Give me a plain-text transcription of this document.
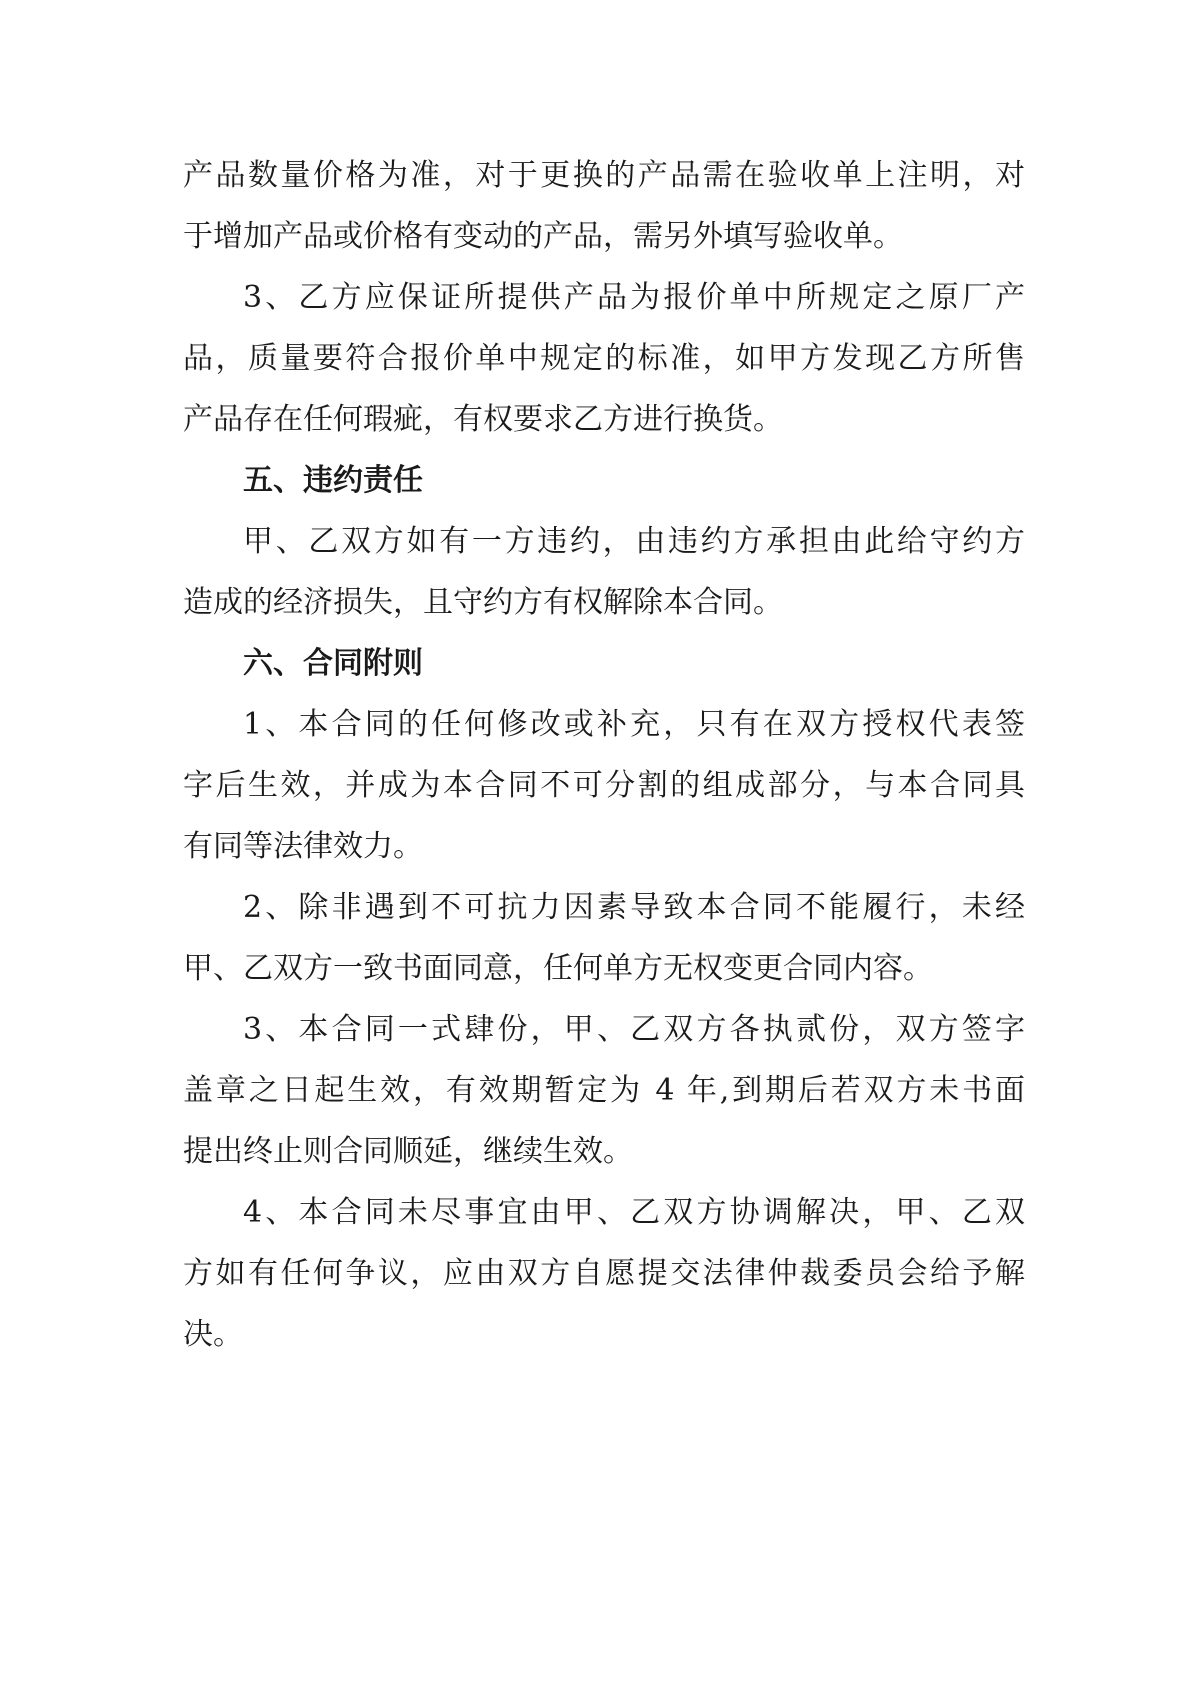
产品数量价格为准，对于更换的产品需在验收单上注明，对
于增加产品或价格有变动的产品，需另外填写验收单。
3、乙方应保证所提供产品为报价单中所规定之原厂产
品，质量要符合报价单中规定的标准，如甲方发现乙方所售
产品存在任何瑕疵，有权要求乙方进行换货。
五、违约责任
甲、乙双方如有一方违约，由违约方承担由此给守约方
造成的经济损失，且守约方有权解除本合同。
六、合同附则
1、本合同的任何修改或补充，只有在双方授权代表签
字后生效，并成为本合同不可分割的组成部分，与本合同具
有同等法律效力。
2、除非遇到不可抗力因素导致本合同不能履行，未经
甲、乙双方一致书面同意，任何单方无权变更合同内容。
3、本合同一式肆份，甲、乙双方各执贰份，双方签字
盖章之日起生效，有效期暂定为 4 年,到期后若双方未书面
提出终止则合同顺延，继续生效。
4、本合同未尽事宜由甲、乙双方协调解决，甲、乙双
方如有任何争议，应由双方自愿提交法律仲裁委员会给予解
决。
